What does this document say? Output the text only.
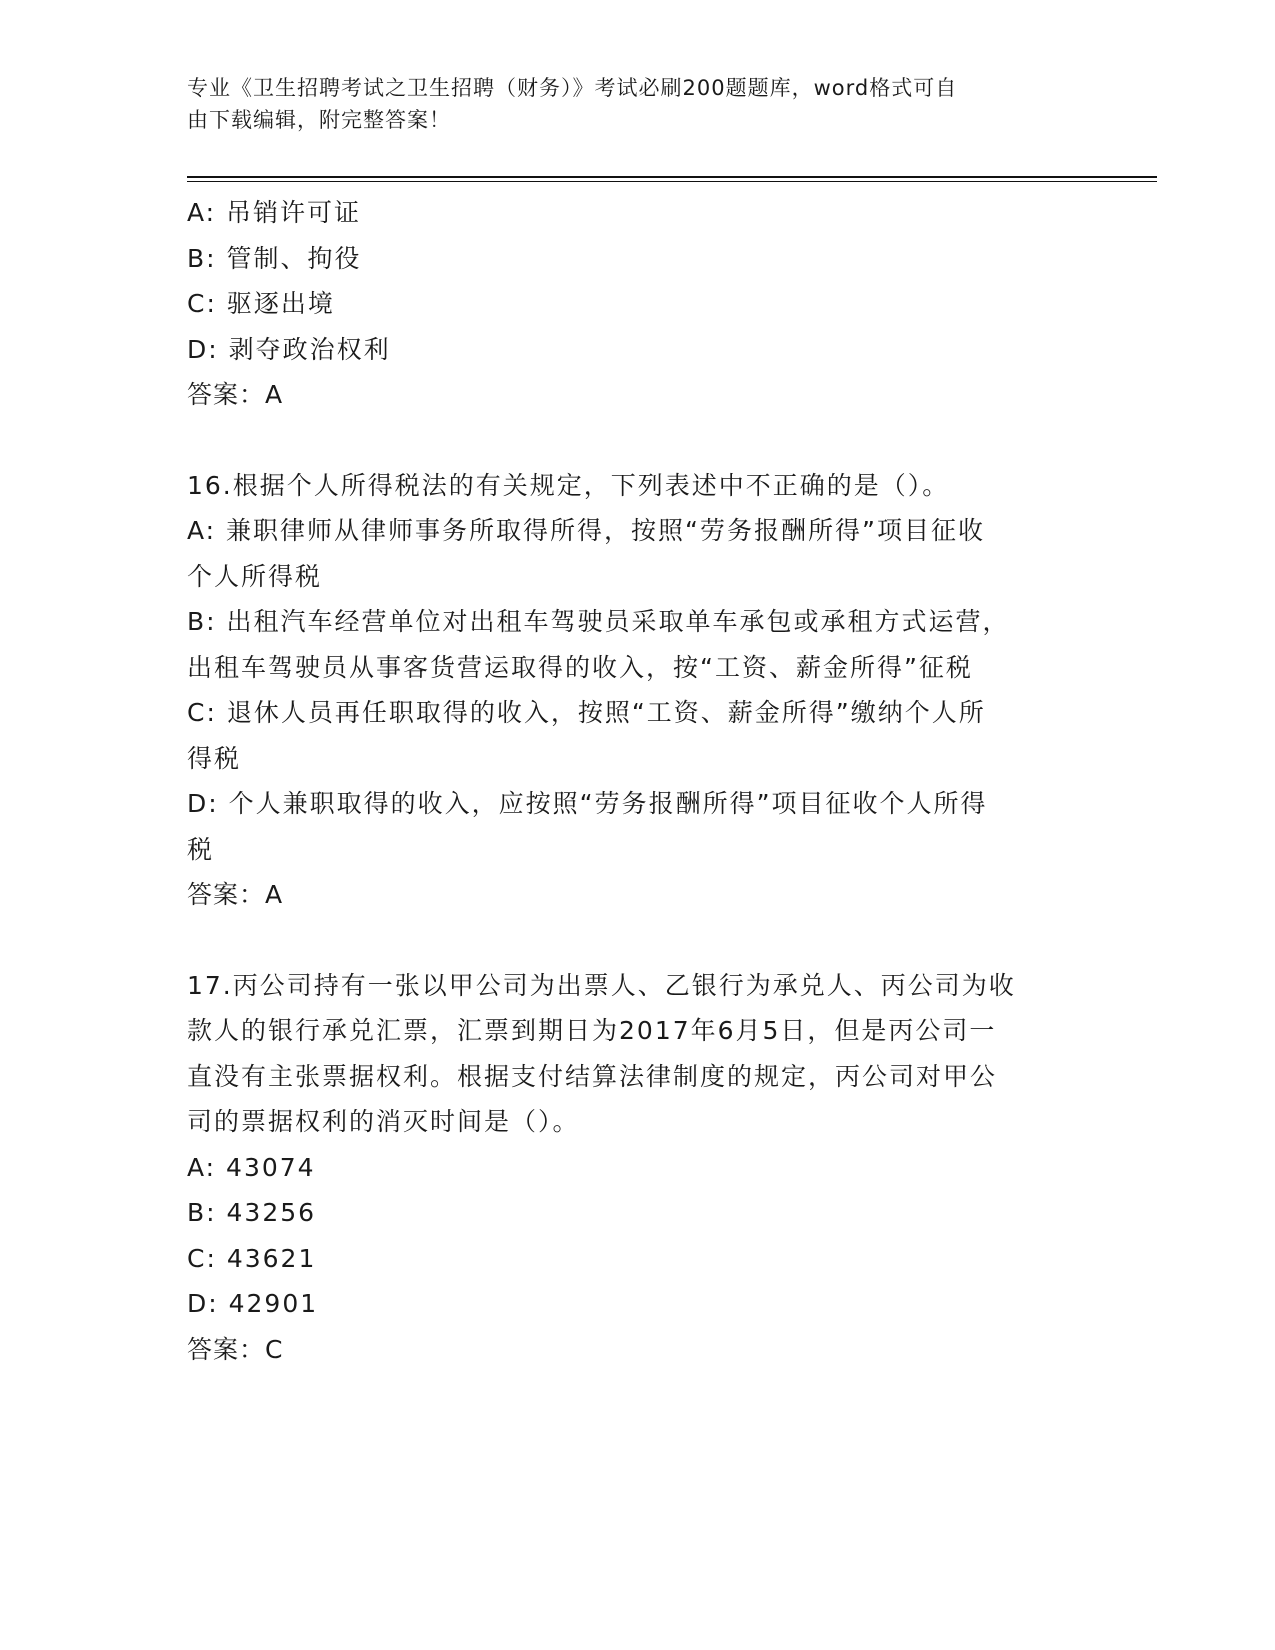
专业《卫生招聘考试之卫生招聘（财务）》考试必刷200题题库，word格式可自
由下载编辑，附完整答案！
A: 吊销许可证
B: 管制、拘役
C: 驱逐出境
D: 剥夺政治权利
答案：A
16.根据个人所得税法的有关规定，下列表述中不正确的是（）。
A: 兼职律师从律师事务所取得所得，按照“劳务报酬所得”项目征收
个人所得税
B: 出租汽车经营单位对出租车驾驶员采取单车承包或承租方式运营，
出租车驾驶员从事客货营运取得的收入，按“工资、薪金所得”征税
C: 退休人员再任职取得的收入，按照“工资、薪金所得”缴纳个人所
得税
D: 个人兼职取得的收入，应按照“劳务报酬所得”项目征收个人所得
税
答案：A
17.丙公司持有一张以甲公司为出票人、乙银行为承兑人、丙公司为收
款人的银行承兑汇票，汇票到期日为2017年6月5日，但是丙公司一
直没有主张票据权利。根据支付结算法律制度的规定，丙公司对甲公
司的票据权利的消灭时间是（）。
A: 43074
B: 43256
C: 43621
D: 42901
答案：C
